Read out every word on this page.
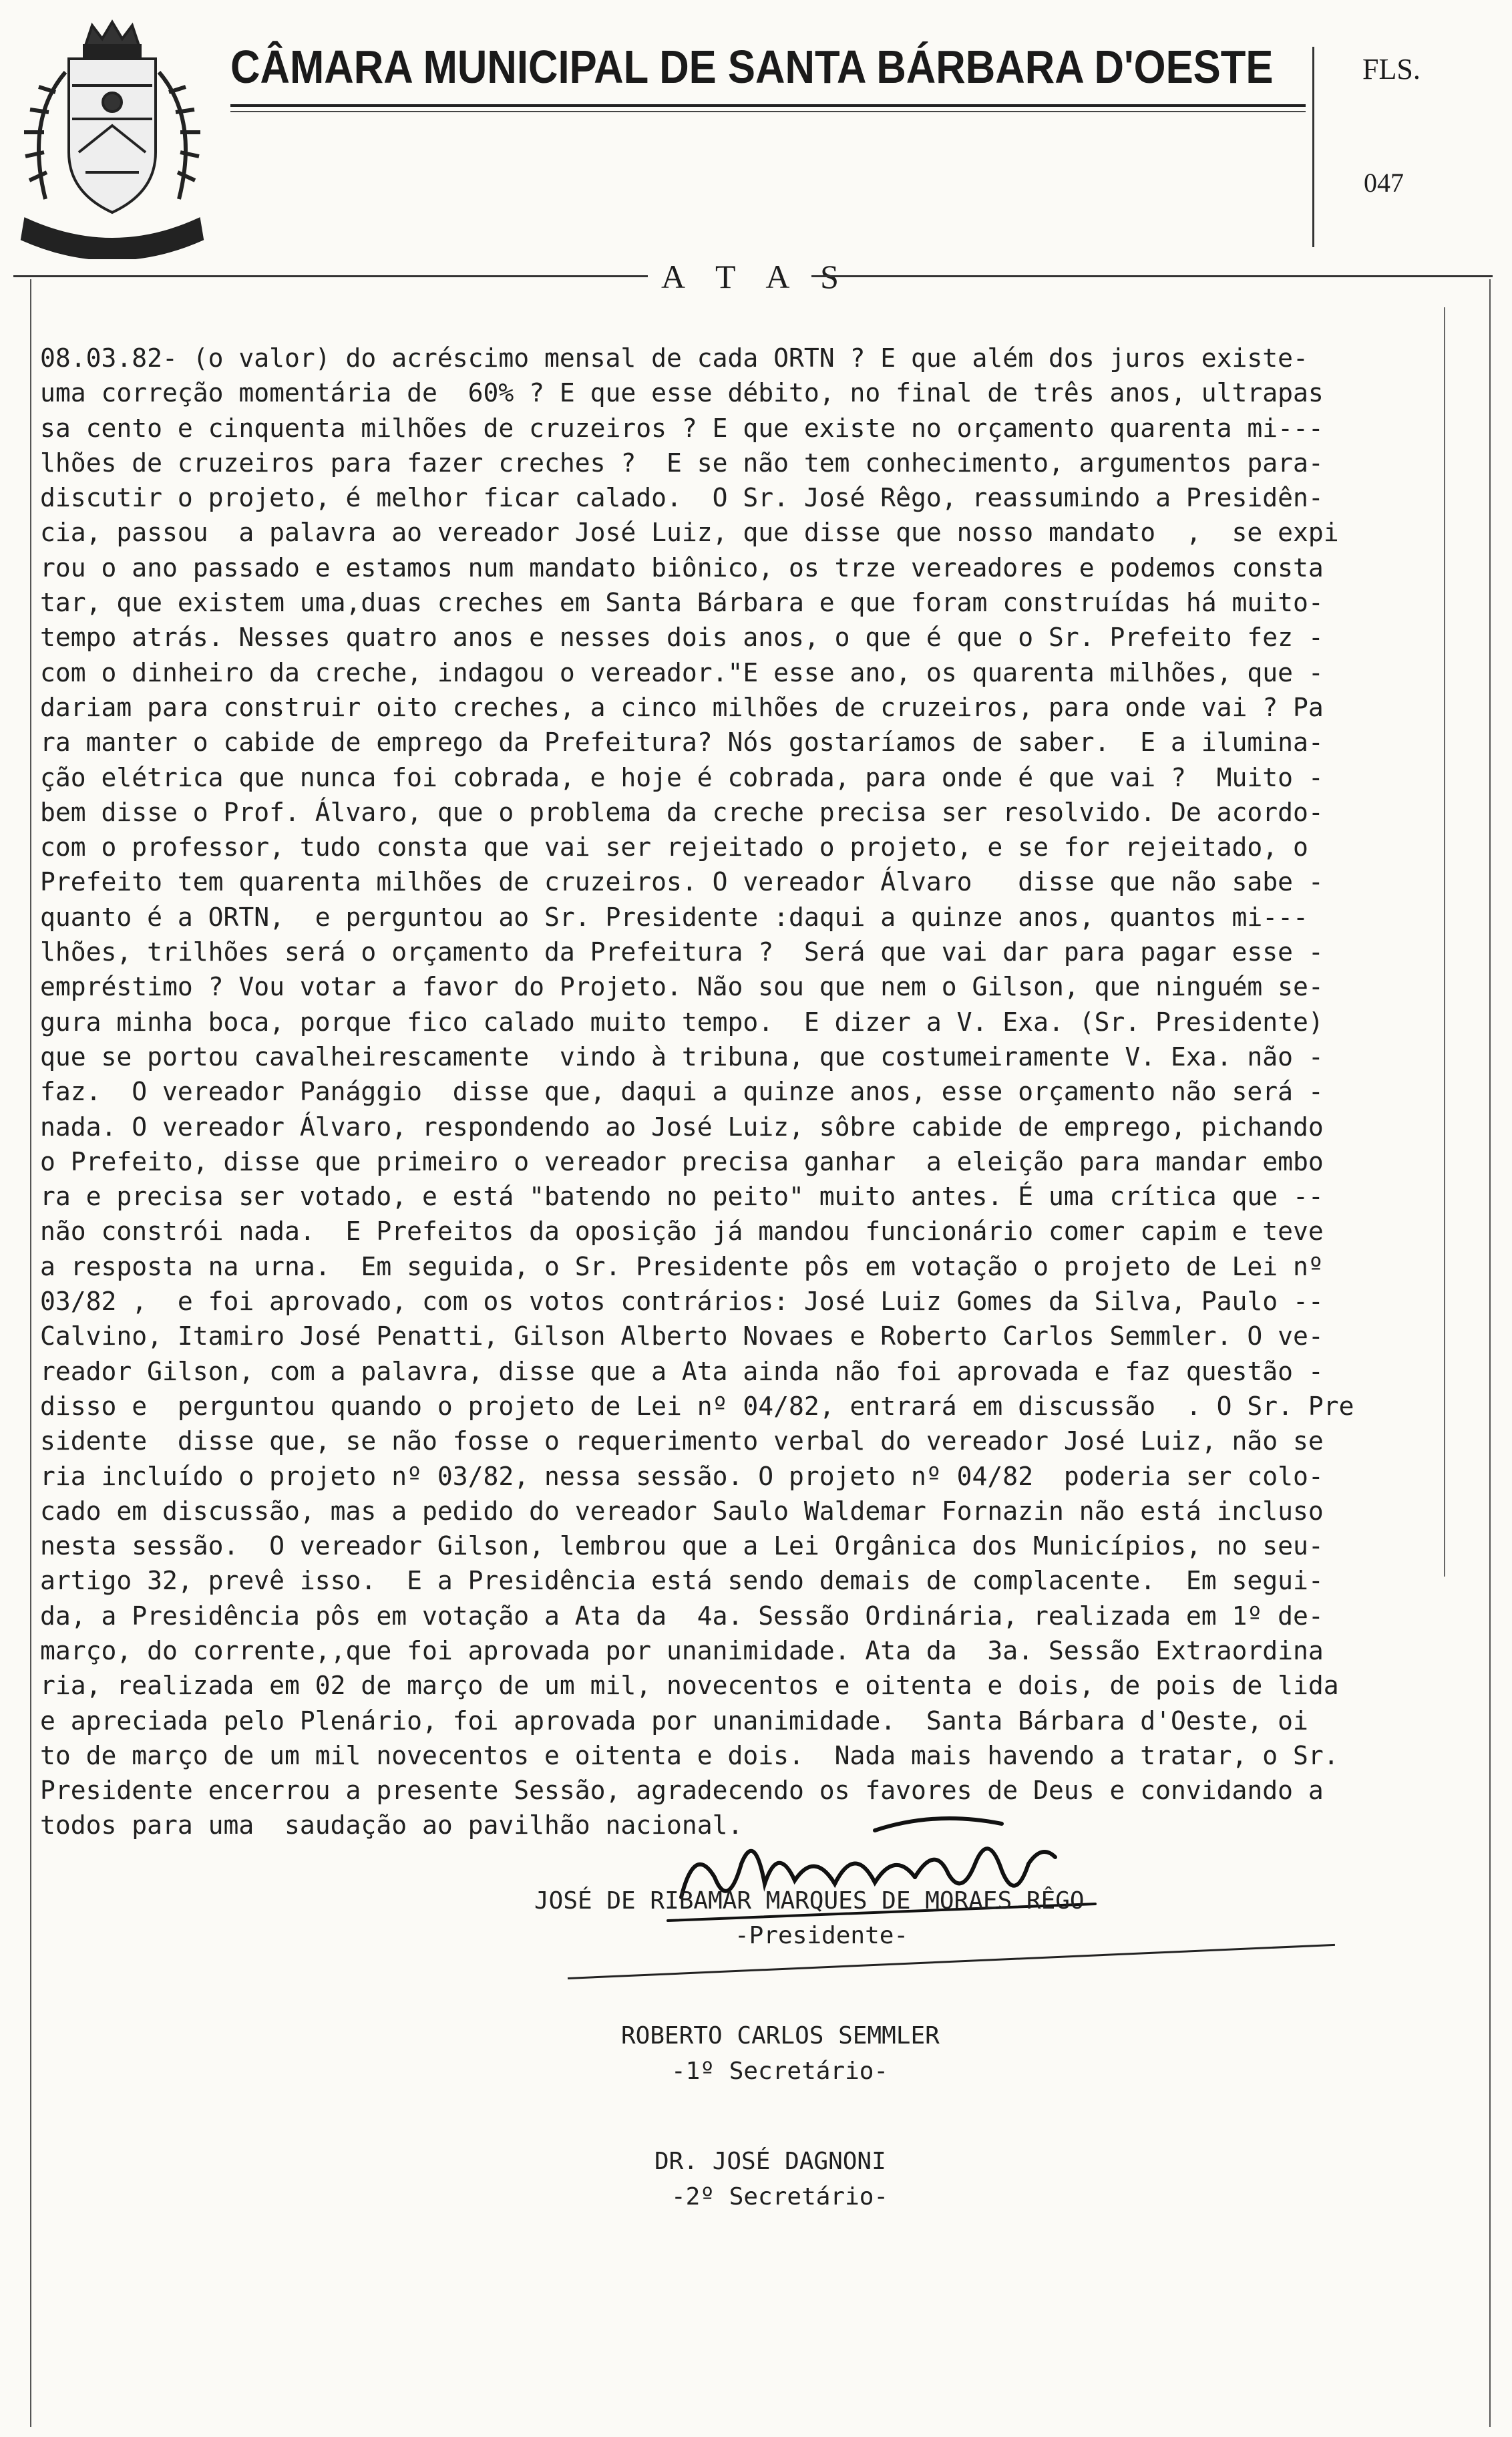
CÂMARA MUNICIPAL DE SANTA BÁRBARA D'OESTE	FLS.
047
A T A S
08.03.82- (o valor) do acréscimo mensal de cada ORTN ? E que além dos juros existe-
uma correção momentária de  60% ? E que esse débito, no final de três anos, ultrapas
sa cento e cinquenta milhões de cruzeiros ? E que existe no orçamento quarenta mi---
lhões de cruzeiros para fazer creches ?  E se não tem conhecimento, argumentos para-
discutir o projeto, é melhor ficar calado.  O Sr. José Rêgo, reassumindo a Presidên-
cia, passou  a palavra ao vereador José Luiz, que disse que nosso mandato  ,  se expi
rou o ano passado e estamos num mandato biônico, os trze vereadores e podemos consta
tar, que existem uma,duas creches em Santa Bárbara e que foram construídas há muito-
tempo atrás. Nesses quatro anos e nesses dois anos, o que é que o Sr. Prefeito fez -
com o dinheiro da creche, indagou o vereador."E esse ano, os quarenta milhões, que -
dariam para construir oito creches, a cinco milhões de cruzeiros, para onde vai ? Pa
ra manter o cabide de emprego da Prefeitura? Nós gostaríamos de saber.  E a ilumina-
ção elétrica que nunca foi cobrada, e hoje é cobrada, para onde é que vai ?  Muito -
bem disse o Prof. Álvaro, que o problema da creche precisa ser resolvido. De acordo-
com o professor, tudo consta que vai ser rejeitado o projeto, e se for rejeitado, o
Prefeito tem quarenta milhões de cruzeiros. O vereador Álvaro   disse que não sabe -
quanto é a ORTN,  e perguntou ao Sr. Presidente :daqui a quinze anos, quantos mi---
lhões, trilhões será o orçamento da Prefeitura ?  Será que vai dar para pagar esse -
empréstimo ? Vou votar a favor do Projeto. Não sou que nem o Gilson, que ninguém se-
gura minha boca, porque fico calado muito tempo.  E dizer a V. Exa. (Sr. Presidente)
que se portou cavalheirescamente  vindo à tribuna, que costumeiramente V. Exa. não -
faz.  O vereador Panággio  disse que, daqui a quinze anos, esse orçamento não será -
nada. O vereador Álvaro, respondendo ao José Luiz, sôbre cabide de emprego, pichando
o Prefeito, disse que primeiro o vereador precisa ganhar  a eleição para mandar embo
ra e precisa ser votado, e está "batendo no peito" muito antes. É uma crítica que --
não constrói nada.  E Prefeitos da oposição já mandou funcionário comer capim e teve
a resposta na urna.  Em seguida, o Sr. Presidente pôs em votação o projeto de Lei nº
03/82 ,  e foi aprovado, com os votos contrários: José Luiz Gomes da Silva, Paulo --
Calvino, Itamiro José Penatti, Gilson Alberto Novaes e Roberto Carlos Semmler. O ve-
reador Gilson, com a palavra, disse que a Ata ainda não foi aprovada e faz questão -
disso e  perguntou quando o projeto de Lei nº 04/82, entrará em discussão  . O Sr. Pre
sidente  disse que, se não fosse o requerimento verbal do vereador José Luiz, não se
ria incluído o projeto nº 03/82, nessa sessão. O projeto nº 04/82  poderia ser colo-
cado em discussão, mas a pedido do vereador Saulo Waldemar Fornazin não está incluso
nesta sessão.  O vereador Gilson, lembrou que a Lei Orgânica dos Municípios, no seu-
artigo 32, prevê isso.  E a Presidência está sendo demais de complacente.  Em segui-
da, a Presidência pôs em votação a Ata da  4a. Sessão Ordinária, realizada em 1º de-
março, do corrente,,que foi aprovada por unanimidade. Ata da  3a. Sessão Extraordina
ria, realizada em 02 de março de um mil, novecentos e oitenta e dois, de pois de lida
e apreciada pelo Plenário, foi aprovada por unanimidade.  Santa Bárbara d'Oeste, oi
to de março de um mil novecentos e oitenta e dois.  Nada mais havendo a tratar, o Sr.
Presidente encerrou a presente Sessão, agradecendo os favores de Deus e convidando a
todos para uma  saudação ao pavilhão nacional.
JOSÉ DE RIBAMAR MARQUES DE MORAES RÊGO
-Presidente-
ROBERTO CARLOS SEMMLER
-1º Secretário-
DR. JOSÉ DAGNONI
-2º Secretário-
